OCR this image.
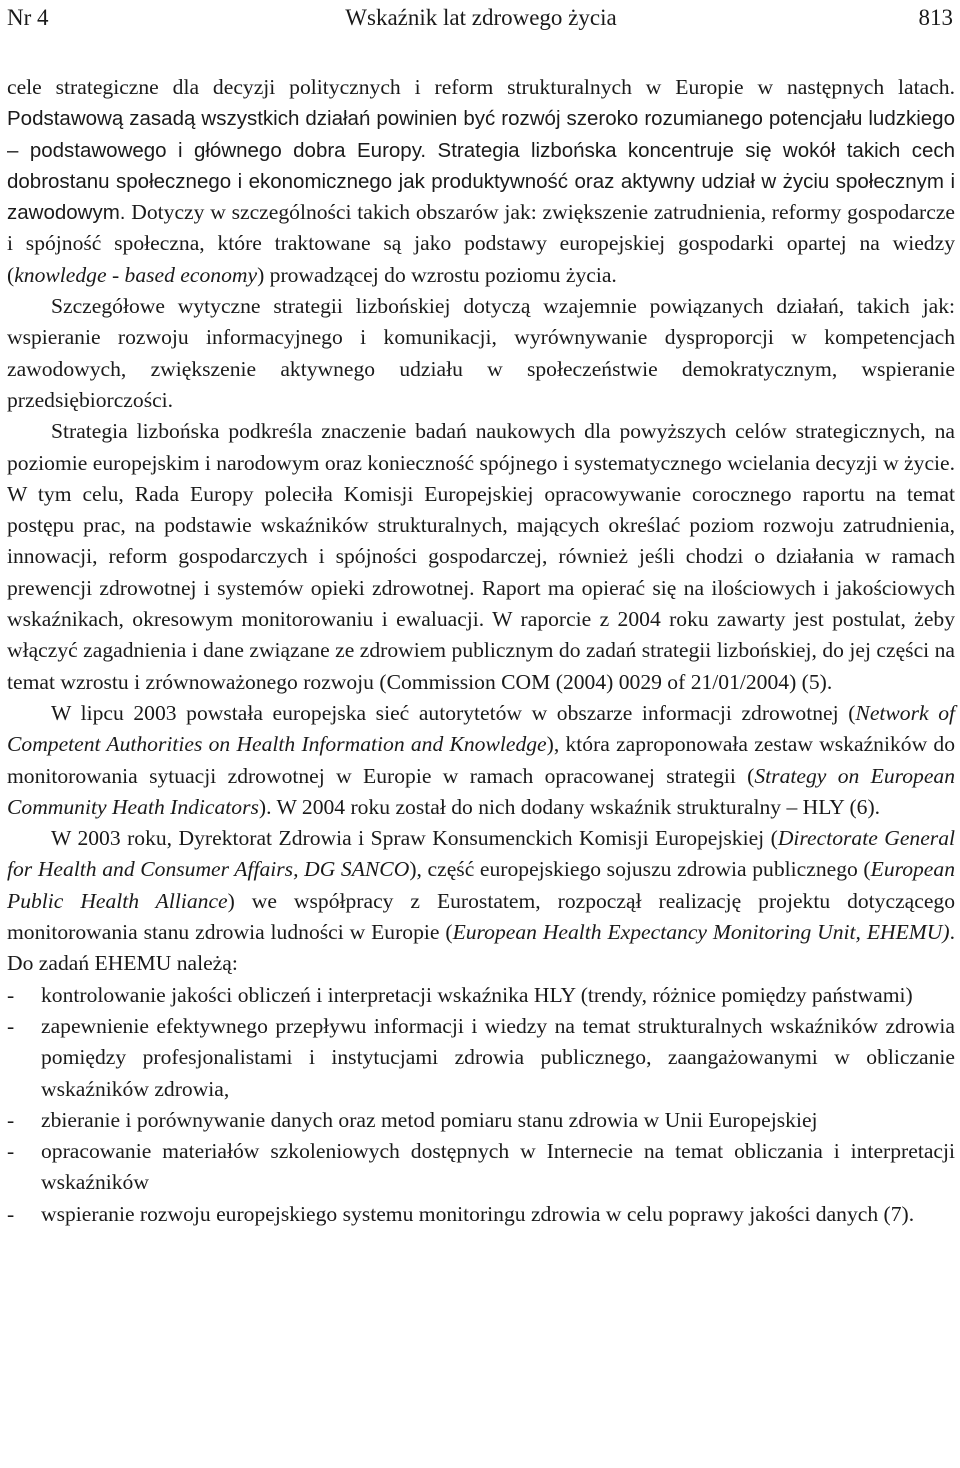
Nr 4	Wskaźnik lat zdrowego życia	813

cele strategiczne dla decyzji politycznych i reform strukturalnych w Europie w następnych latach. Podstawową zasadą wszystkich działań powinien być rozwój szeroko rozumianego potencjału ludzkiego – podstawowego i głównego dobra Europy. Strategia lizbońska koncentruje się wokół takich cech dobrostanu społecznego i ekonomicznego jak produktywność oraz aktywny udział w życiu społecznym i zawodowym. Dotyczy w szczególności takich obszarów jak: zwiększenie zatrudnienia, reformy gospodarcze i spójność społeczna, które traktowane są jako podstawy europejskiej gospodarki opartej na wiedzy (knowledge - based economy) prowadzącej do wzrostu poziomu życia.

Szczegółowe wytyczne strategii lizbońskiej dotyczą wzajemnie powiązanych działań, takich jak: wspieranie rozwoju informacyjnego i komunikacji, wyrównywanie dysproporcji w kompetencjach zawodowych, zwiększenie aktywnego udziału w społeczeństwie demokratycznym, wspieranie przedsiębiorczości.

Strategia lizbońska podkreśla znaczenie badań naukowych dla powyższych celów strategicznych, na poziomie europejskim i narodowym oraz konieczność spójnego i systematycznego wcielania decyzji w życie. W tym celu, Rada Europy poleciła Komisji Europejskiej opracowywanie corocznego raportu na temat postępu prac, na podstawie wskaźników strukturalnych, mających określać poziom rozwoju zatrudnienia, innowacji, reform gospodarczych i spójności gospodarczej, również jeśli chodzi o działania w ramach prewencji zdrowotnej i systemów opieki zdrowotnej. Raport ma opierać się na ilościowych i jakościowych wskaźnikach, okresowym monitorowaniu i ewaluacji. W raporcie z 2004 roku zawarty jest postulat, żeby włączyć zagadnienia i dane związane ze zdrowiem publicznym do zadań strategii lizbońskiej, do jej części na temat wzrostu i zrównoważonego rozwoju (Commission COM (2004) 0029 of 21/01/2004) (5).

W lipcu 2003 powstała europejska sieć autorytetów w obszarze informacji zdrowotnej (Network of Competent Authorities on Health Information and Knowledge), która zaproponowała zestaw wskaźników do monitorowania sytuacji zdrowotnej w Europie w ramach opracowanej strategii (Strategy on European Community Heath Indicators). W 2004 roku został do nich dodany wskaźnik strukturalny – HLY (6).

W 2003 roku, Dyrektorat Zdrowia i Spraw Konsumenckich Komisji Europejskiej (Directorate General for Health and Consumer Affairs, DG SANCO), część europejskiego sojuszu zdrowia publicznego (European Public Health Alliance) we współpracy z Eurostatem, rozpoczął realizację projektu dotyczącego monitorowania stanu zdrowia ludności w Europie (European Health Expectancy Monitoring Unit, EHEMU). Do zadań EHEMU należą:

- kontrolowanie jakości obliczeń i interpretacji wskaźnika HLY (trendy, różnice pomiędzy państwami)
- zapewnienie efektywnego przepływu informacji i wiedzy na temat strukturalnych wskaźników zdrowia pomiędzy profesjonalistami i instytucjami zdrowia publicznego, zaangażowanymi w obliczanie wskaźników zdrowia,
- zbieranie i porównywanie danych oraz metod pomiaru stanu zdrowia w Unii Europejskiej
- opracowanie materiałów szkoleniowych dostępnych w Internecie na temat obliczania i interpretacji wskaźników
- wspieranie rozwoju europejskiego systemu monitoringu zdrowia w celu poprawy jakości danych (7).
